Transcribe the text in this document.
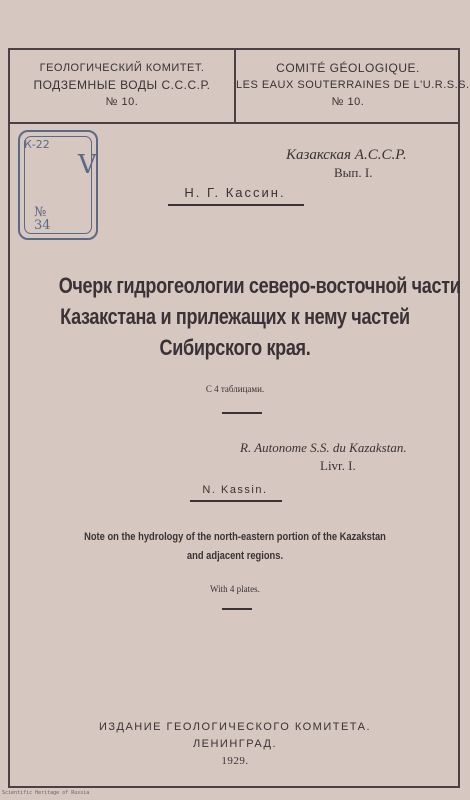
ГЕОЛОГИЧЕСКИЙ КОМИТЕТ.
ПОДЗЕМНЫЕ ВОДЫ С.С.С.Р.
№ 10.
COMITÉ GÉOLOGIQUE.
LES EAUX SOUTERRAINES DE L'U.R.S.S.
№ 10.
К-22
V
№
34
Казакская А.С.С.Р.
Вып. I.
Н. Г. Кассин.
Очерк гидрогеологии северо-восточной части
Казакстана и прилежащих к нему частей
Сибирского края.
С 4 таблицами.
R. Autonome S.S. du Kazakstan.
Livr. I.
N. Kassin.
Note on the hydrology of the north-eastern portion of the Kazakstan
and adjacent regions.
With 4 plates.
ИЗДАНИЕ ГЕОЛОГИЧЕСКОГО КОМИТЕТА.
ЛЕНИНГРАД.
1929.
Scientific Heritage of Russia
